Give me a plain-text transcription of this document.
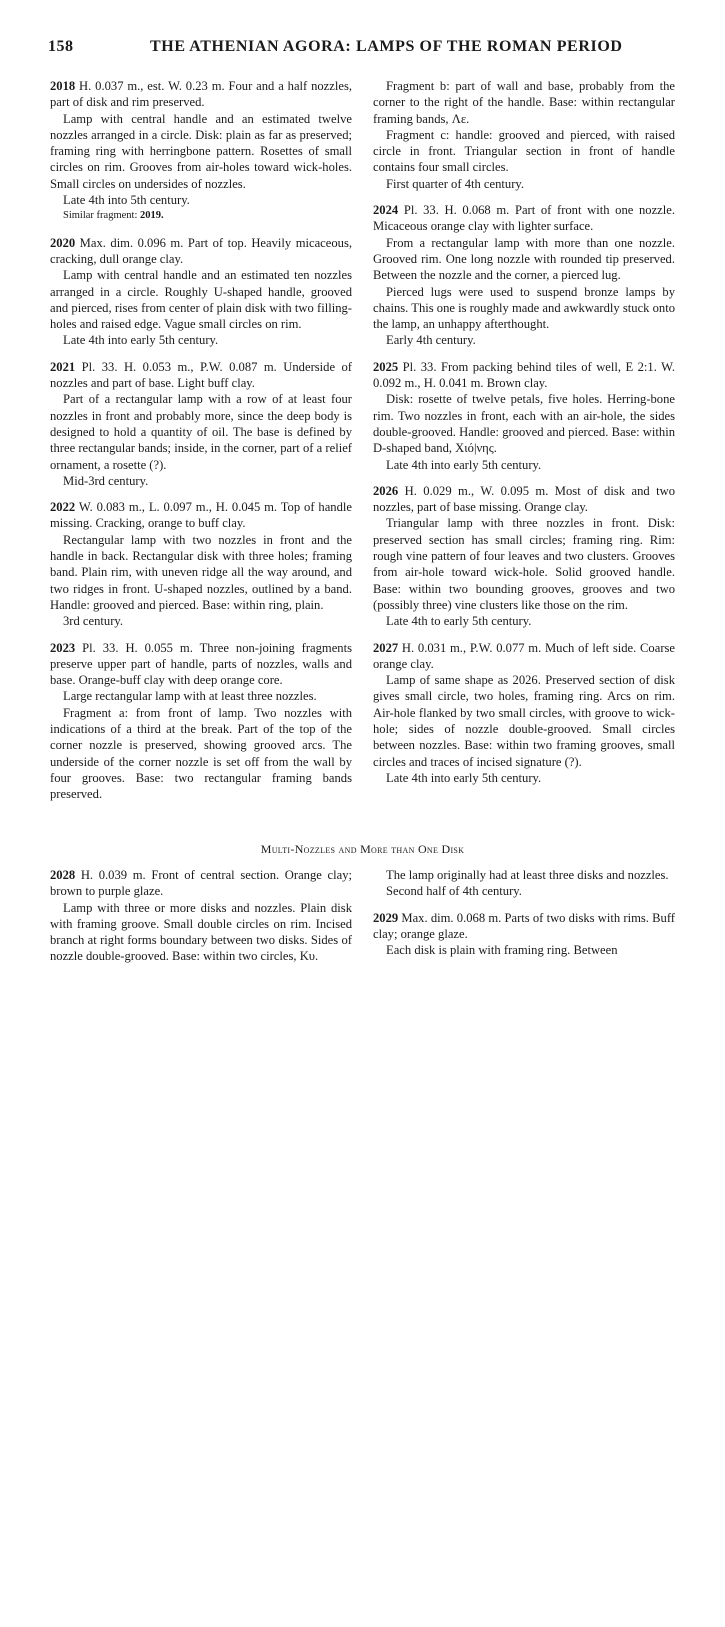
158	THE ATHENIAN AGORA: LAMPS OF THE ROMAN PERIOD

2018 H. 0.037 m., est. W. 0.23 m. Four and a half nozzles, part of disk and rim preserved.

Lamp with central handle and an estimated twelve nozzles arranged in a circle. Disk: plain as far as preserved; framing ring with herringbone pattern. Rosettes of small circles on rim. Grooves from air-holes toward wick-holes. Small circles on undersides of nozzles.

Late 4th into 5th century.

Similar fragment: 2019.

2020 Max. dim. 0.096 m. Part of top. Heavily micaceous, cracking, dull orange clay.

Lamp with central handle and an estimated ten nozzles arranged in a circle. Roughly U-shaped handle, grooved and pierced, rises from center of plain disk with two filling-holes and raised edge. Vague small circles on rim.

Late 4th into early 5th century.

2021 Pl. 33. H. 0.053 m., P.W. 0.087 m. Underside of nozzles and part of base. Light buff clay.

Part of a rectangular lamp with a row of at least four nozzles in front and probably more, since the deep body is designed to hold a quantity of oil. The base is defined by three rectangular bands; inside, in the corner, part of a relief ornament, a rosette (?).

Mid-3rd century.

2022 W. 0.083 m., L. 0.097 m., H. 0.045 m. Top of handle missing. Cracking, orange to buff clay.

Rectangular lamp with two nozzles in front and the handle in back. Rectangular disk with three holes; framing band. Plain rim, with uneven ridge all the way around, and two ridges in front. U-shaped nozzles, outlined by a band. Handle: grooved and pierced. Base: within ring, plain.

3rd century.

2023 Pl. 33. H. 0.055 m. Three non-joining fragments preserve upper part of handle, parts of nozzles, walls and base. Orange-buff clay with deep orange core.

Large rectangular lamp with at least three nozzles.

Fragment a: from front of lamp. Two nozzles with indications of a third at the break. Part of the top of the corner nozzle is preserved, showing grooved arcs. The underside of the corner nozzle is set off from the wall by four grooves. Base: two rectangular framing bands preserved.

Fragment b: part of wall and base, probably from the corner to the right of the handle. Base: within rectangular framing bands, Λε.

Fragment c: handle: grooved and pierced, with raised circle in front. Triangular section in front of handle contains four small circles.

First quarter of 4th century.

2024 Pl. 33. H. 0.068 m. Part of front with one nozzle. Micaceous orange clay with lighter surface.

From a rectangular lamp with more than one nozzle. Grooved rim. One long nozzle with rounded tip preserved. Between the nozzle and the corner, a pierced lug.

Pierced lugs were used to suspend bronze lamps by chains. This one is roughly made and awkwardly stuck onto the lamp, an unhappy afterthought.

Early 4th century.

2025 Pl. 33. From packing behind tiles of well, E 2:1. W. 0.092 m., H. 0.041 m. Brown clay.

Disk: rosette of twelve petals, five holes. Herring-bone rim. Two nozzles in front, each with an air-hole, the sides double-grooved. Handle: grooved and pierced. Base: within D-shaped band, Χιό|νης.

Late 4th into early 5th century.

2026 H. 0.029 m., W. 0.095 m. Most of disk and two nozzles, part of base missing. Orange clay.

Triangular lamp with three nozzles in front. Disk: preserved section has small circles; framing ring. Rim: rough vine pattern of four leaves and two clusters. Grooves from air-hole toward wick-hole. Solid grooved handle. Base: within two bounding grooves, grooves and two (possibly three) vine clusters like those on the rim.

Late 4th to early 5th century.

2027 H. 0.031 m., P.W. 0.077 m. Much of left side. Coarse orange clay.

Lamp of same shape as 2026. Preserved section of disk gives small circle, two holes, framing ring. Arcs on rim. Air-hole flanked by two small circles, with groove to wick-hole; sides of nozzle double-grooved. Small circles between nozzles. Base: within two framing grooves, small circles and traces of incised signature (?).

Late 4th into early 5th century.

Multi-Nozzles and More than One Disk

2028 H. 0.039 m. Front of central section. Orange clay; brown to purple glaze.

Lamp with three or more disks and nozzles. Plain disk with framing groove. Small double circles on rim. Incised branch at right forms boundary between two disks. Sides of nozzle double-grooved. Base: within two circles, Κυ.

The lamp originally had at least three disks and nozzles.

Second half of 4th century.

2029 Max. dim. 0.068 m. Parts of two disks with rims. Buff clay; orange glaze.

Each disk is plain with framing ring. Between
